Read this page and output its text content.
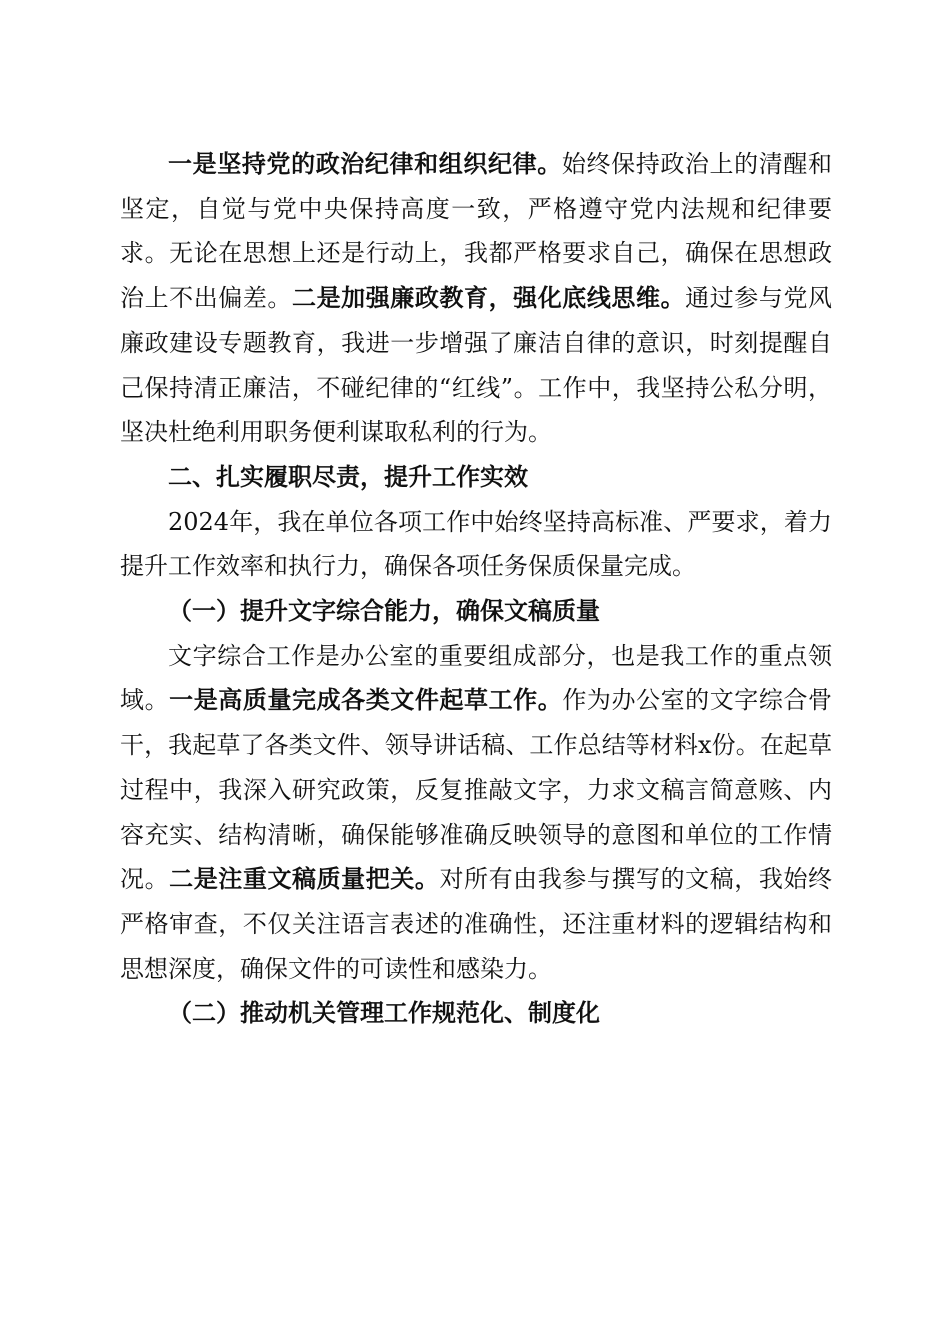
一是坚持党的政治纪律和组织纪律。始终保持政治上的清醒和坚定，自觉与党中央保持高度一致，严格遵守党内法规和纪律要求。无论在思想上还是行动上，我都严格要求自己，确保在思想政治上不出偏差。二是加强廉政教育，强化底线思维。通过参与党风廉政建设专题教育，我进一步增强了廉洁自律的意识，时刻提醒自己保持清正廉洁，不碰纪律的“红线”。工作中，我坚持公私分明，坚决杜绝利用职务便利谋取私利的行为。

二、扎实履职尽责，提升工作实效

2024年，我在单位各项工作中始终坚持高标准、严要求，着力提升工作效率和执行力，确保各项任务保质保量完成。

（一）提升文字综合能力，确保文稿质量

文字综合工作是办公室的重要组成部分，也是我工作的重点领域。一是高质量完成各类文件起草工作。作为办公室的文字综合骨干，我起草了各类文件、领导讲话稿、工作总结等材料x份。在起草过程中，我深入研究政策，反复推敲文字，力求文稿言简意赅、内容充实、结构清晰，确保能够准确反映领导的意图和单位的工作情况。二是注重文稿质量把关。对所有由我参与撰写的文稿，我始终严格审查，不仅关注语言表述的准确性，还注重材料的逻辑结构和思想深度，确保文件的可读性和感染力。

（二）推动机关管理工作规范化、制度化
